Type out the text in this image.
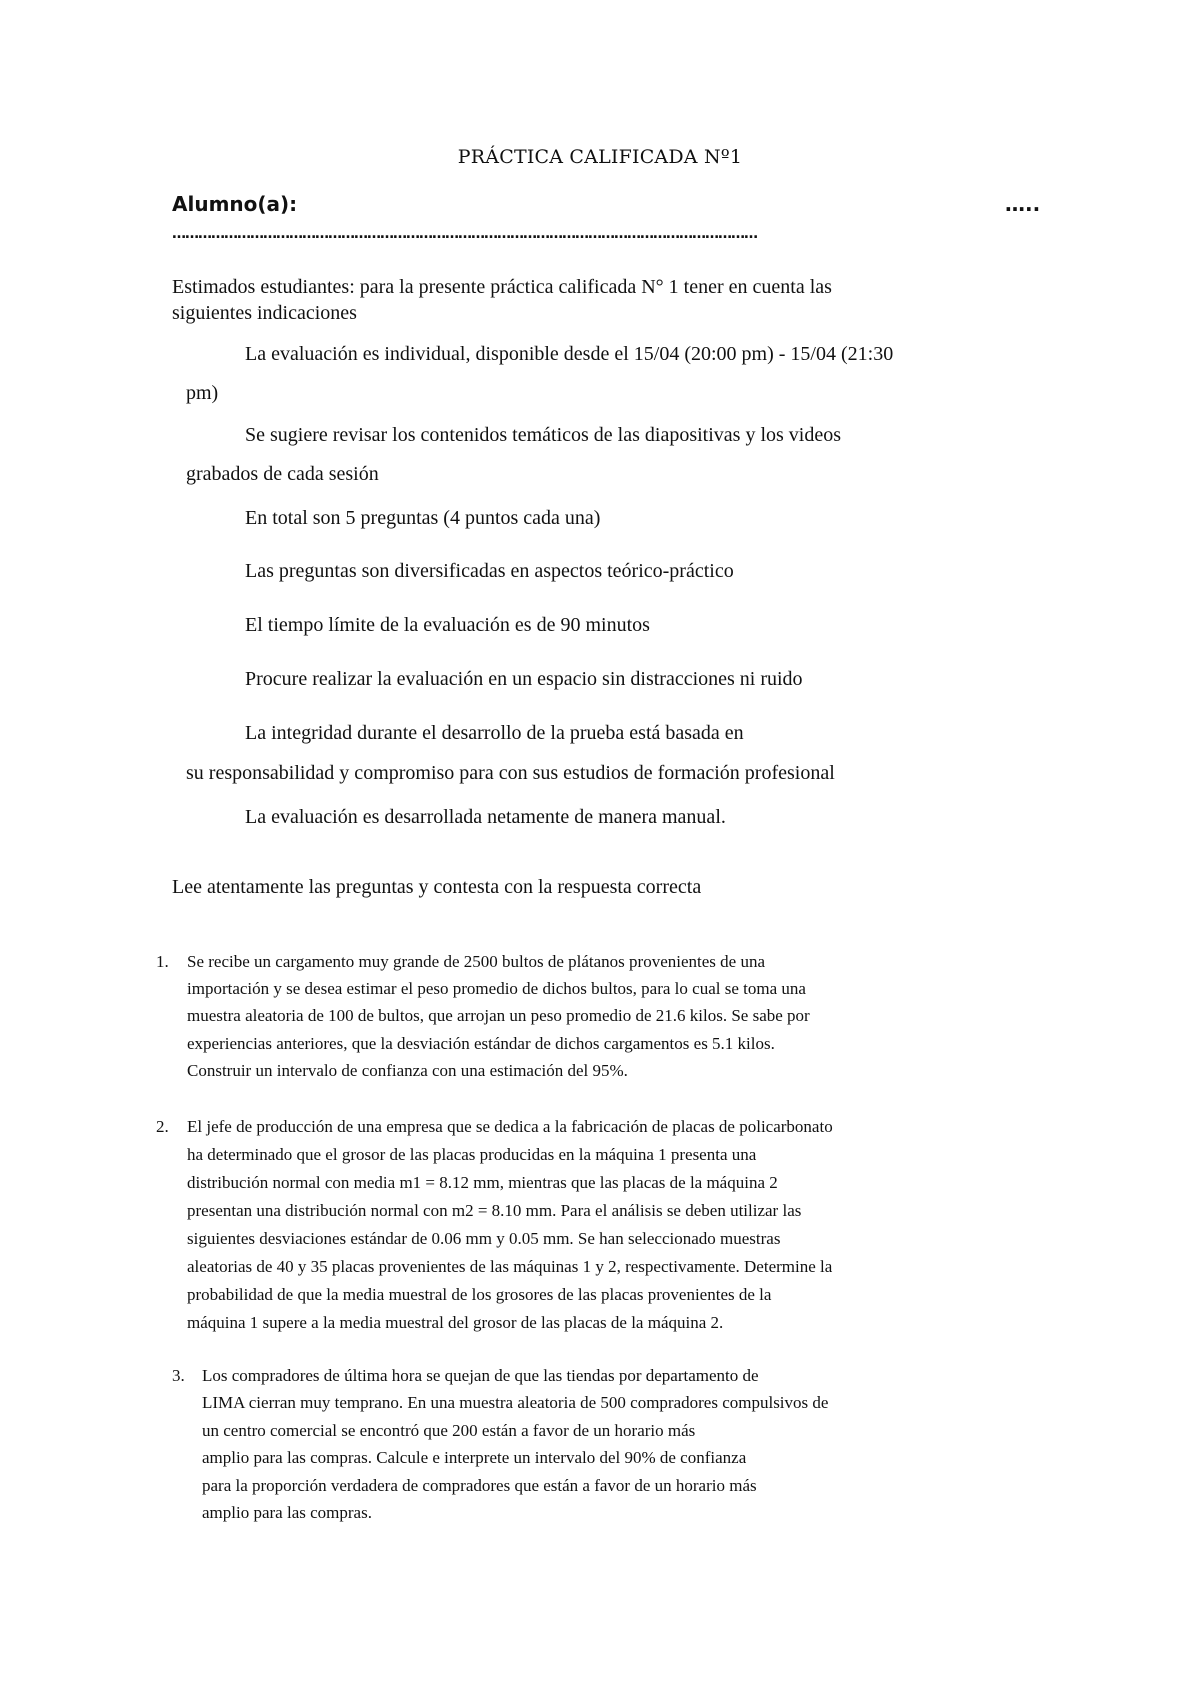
PRÁCTICA CALIFICADA Nº1
Alumno(a):	…..
………………………………………………………………………………………………………………………
Estimados estudiantes: para la presente práctica calificada N° 1 tener en cuenta las
siguientes indicaciones
La evaluación es individual, disponible desde el 15/04 (20:00 pm) - 15/04 (21:30
pm)
Se sugiere revisar los contenidos temáticos de las diapositivas y los videos
grabados de cada sesión
En total son 5 preguntas (4 puntos cada una)
Las preguntas son diversificadas en aspectos teórico-práctico
El tiempo límite de la evaluación es de 90 minutos
Procure realizar la evaluación en un espacio sin distracciones ni ruido
La integridad durante el desarrollo de la prueba está basada en
su responsabilidad y compromiso para con sus estudios de formación profesional
La evaluación es desarrollada netamente de manera manual.
Lee atentamente las preguntas y contesta con la respuesta correcta
1. Se recibe un cargamento muy grande de 2500 bultos de plátanos provenientes de una
importación y se desea estimar el peso promedio de dichos bultos, para lo cual se toma una
muestra aleatoria de 100 de bultos, que arrojan un peso promedio de 21.6 kilos. Se sabe por
experiencias anteriores, que la desviación estándar de dichos cargamentos es 5.1 kilos.
Construir un intervalo de confianza con una estimación del 95%.
2. El jefe de producción de una empresa que se dedica a la fabricación de placas de policarbonato
ha determinado que el grosor de las placas producidas en la máquina 1 presenta una
distribución normal con media m1 = 8.12 mm, mientras que las placas de la máquina 2
presentan una distribución normal con m2 = 8.10 mm. Para el análisis se deben utilizar las
siguientes desviaciones estándar de 0.06 mm y 0.05 mm. Se han seleccionado muestras
aleatorias de 40 y 35 placas provenientes de las máquinas 1 y 2, respectivamente. Determine la
probabilidad de que la media muestral de los grosores de las placas provenientes de la
máquina 1 supere a la media muestral del grosor de las placas de la máquina 2.
3. Los compradores de última hora se quejan de que las tiendas por departamento de
LIMA cierran muy temprano. En una muestra aleatoria de 500 compradores compulsivos de
un centro comercial se encontró que 200 están a favor de un horario más
amplio para las compras. Calcule e interprete un intervalo del 90% de confianza
para la proporción verdadera de compradores que están a favor de un horario más
amplio para las compras.
